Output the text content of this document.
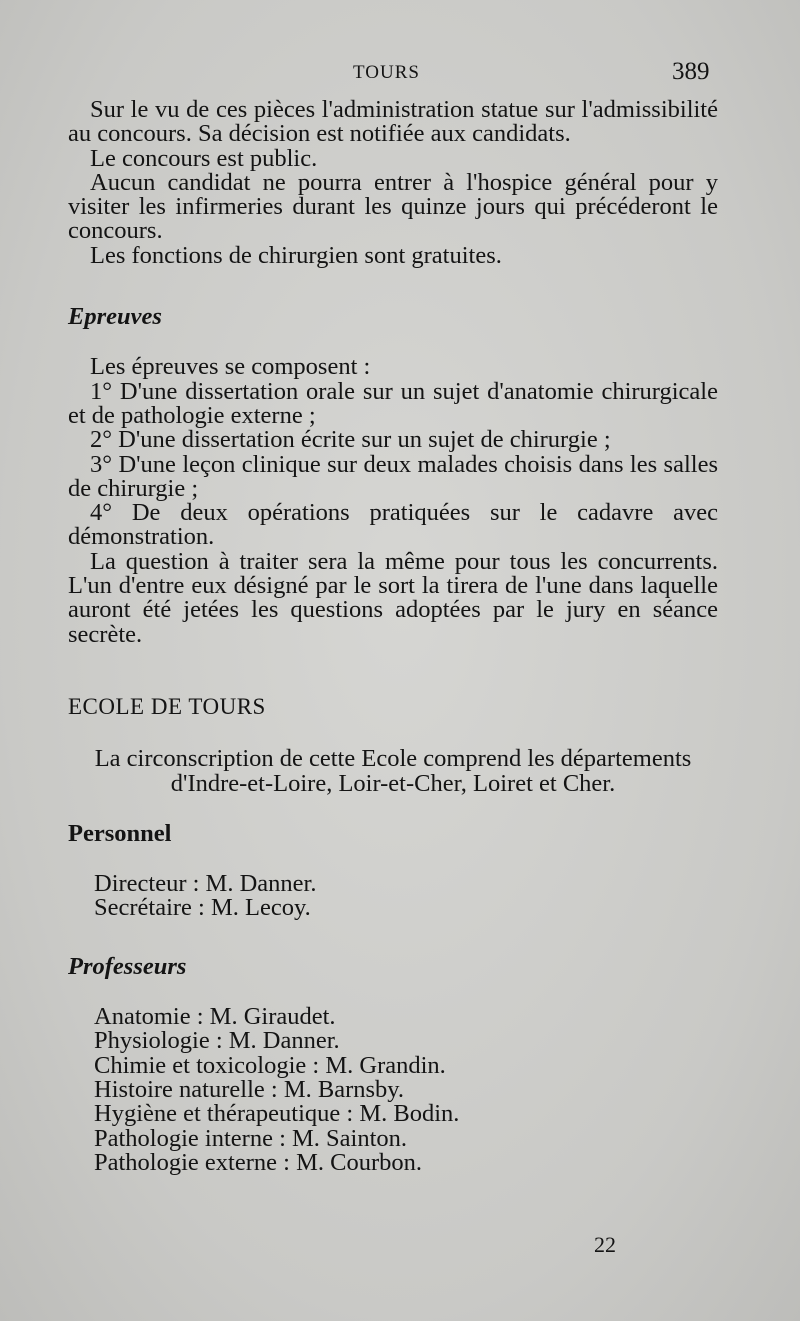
TOURS	389

Sur le vu de ces pièces l'administration statue sur l'admissibilité au concours. Sa décision est notifiée aux candidats.

Le concours est public.

Aucun candidat ne pourra entrer à l'hospice général pour y visiter les infirmeries durant les quinze jours qui précéderont le concours.

Les fonctions de chirurgien sont gratuites.

Epreuves

Les épreuves se composent :

1° D'une dissertation orale sur un sujet d'anatomie chirurgicale et de pathologie externe ;

2° D'une dissertation écrite sur un sujet de chirurgie ;

3° D'une leçon clinique sur deux malades choisis dans les salles de chirurgie ;

4° De deux opérations pratiquées sur le cadavre avec démonstration.

La question à traiter sera la même pour tous les concurrents. L'un d'entre eux désigné par le sort la tirera de l'une dans laquelle auront été jetées les questions adoptées par le jury en séance secrète.

ECOLE DE TOURS

La circonscription de cette Ecole comprend les départements d'Indre-et-Loire, Loir-et-Cher, Loiret et Cher.

Personnel

Directeur : M. Danner.
Secrétaire : M. Lecoy.

Professeurs

Anatomie : M. Giraudet.
Physiologie : M. Danner.
Chimie et toxicologie : M. Grandin.
Histoire naturelle : M. Barnsby.
Hygiène et thérapeutique : M. Bodin.
Pathologie interne : M. Sainton.
Pathologie externe : M. Courbon.
22
